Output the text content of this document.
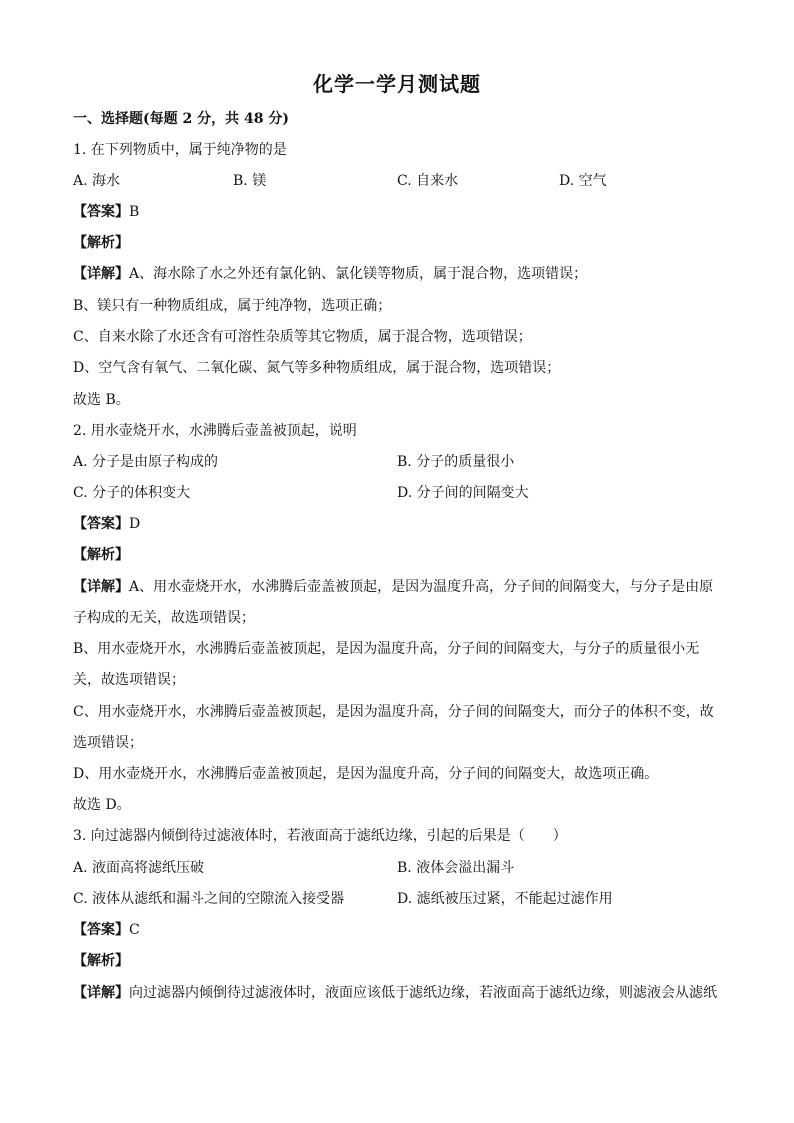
化学一学月测试题
一、选择题(每题 2 分，共 48 分)
1. 在下列物质中，属于纯净物的是
A. 海水	B. 镁	C. 自来水	D. 空气
【答案】B
【解析】
【详解】A、海水除了水之外还有氯化钠、氯化镁等物质，属于混合物，选项错误；
B、镁只有一种物质组成，属于纯净物，选项正确；
C、自来水除了水还含有可溶性杂质等其它物质，属于混合物，选项错误；
D、空气含有氧气、二氧化碳、氮气等多种物质组成，属于混合物，选项错误；
故选 B。
2. 用水壶烧开水，水沸腾后壶盖被顶起，说明
A. 分子是由原子构成的	B. 分子的质量很小
C. 分子的体积变大	D. 分子间的间隔变大
【答案】D
【解析】
【详解】A、用水壶烧开水，水沸腾后壶盖被顶起，是因为温度升高，分子间的间隔变大，与分子是由原
子构成的无关，故选项错误；
B、用水壶烧开水，水沸腾后壶盖被顶起，是因为温度升高，分子间的间隔变大，与分子的质量很小无
关，故选项错误；
C、用水壶烧开水，水沸腾后壶盖被顶起，是因为温度升高，分子间的间隔变大，而分子的体积不变，故
选项错误；
D、用水壶烧开水，水沸腾后壶盖被顶起，是因为温度升高，分子间的间隔变大，故选项正确。
故选 D。
3. 向过滤器内倾倒待过滤液体时，若液面高于滤纸边缘，引起的后果是（　　）
A. 液面高将滤纸压破	B. 液体会溢出漏斗
C. 液体从滤纸和漏斗之间的空隙流入接受器	D. 滤纸被压过紧，不能起过滤作用
【答案】C
【解析】
【详解】向过滤器内倾倒待过滤液体时，液面应该低于滤纸边缘，若液面高于滤纸边缘，则滤液会从滤纸
